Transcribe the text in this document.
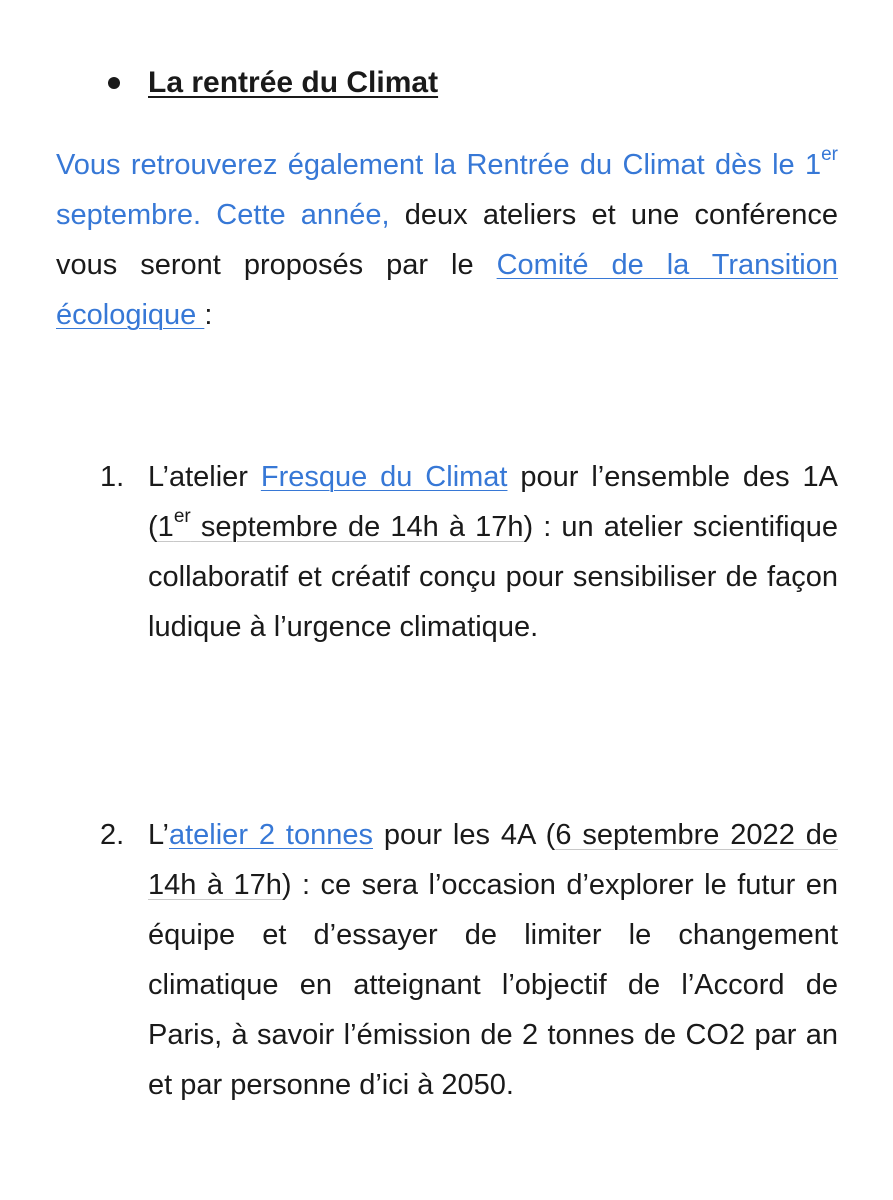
La rentrée du Climat

Vous retrouverez également la Rentrée du Climat dès le 1er septembre. Cette année, deux ateliers et une conférence vous seront proposés par le Comité de la Transition écologique :

1. L’atelier Fresque du Climat pour l’ensemble des 1A (1er septembre de 14h à 17h) : un atelier scientifique collaboratif et créatif conçu pour sensibiliser de façon ludique à l’urgence climatique.
2. L’atelier 2 tonnes pour les 4A (6 septembre 2022 de 14h à 17h) : ce sera l’occasion d’explorer le futur en équipe et d’essayer de limiter le changement climatique en atteignant l’objectif de l’Accord de Paris, à savoir l’émission de 2 tonnes de CO2 par an et par personne d’ici à 2050.
